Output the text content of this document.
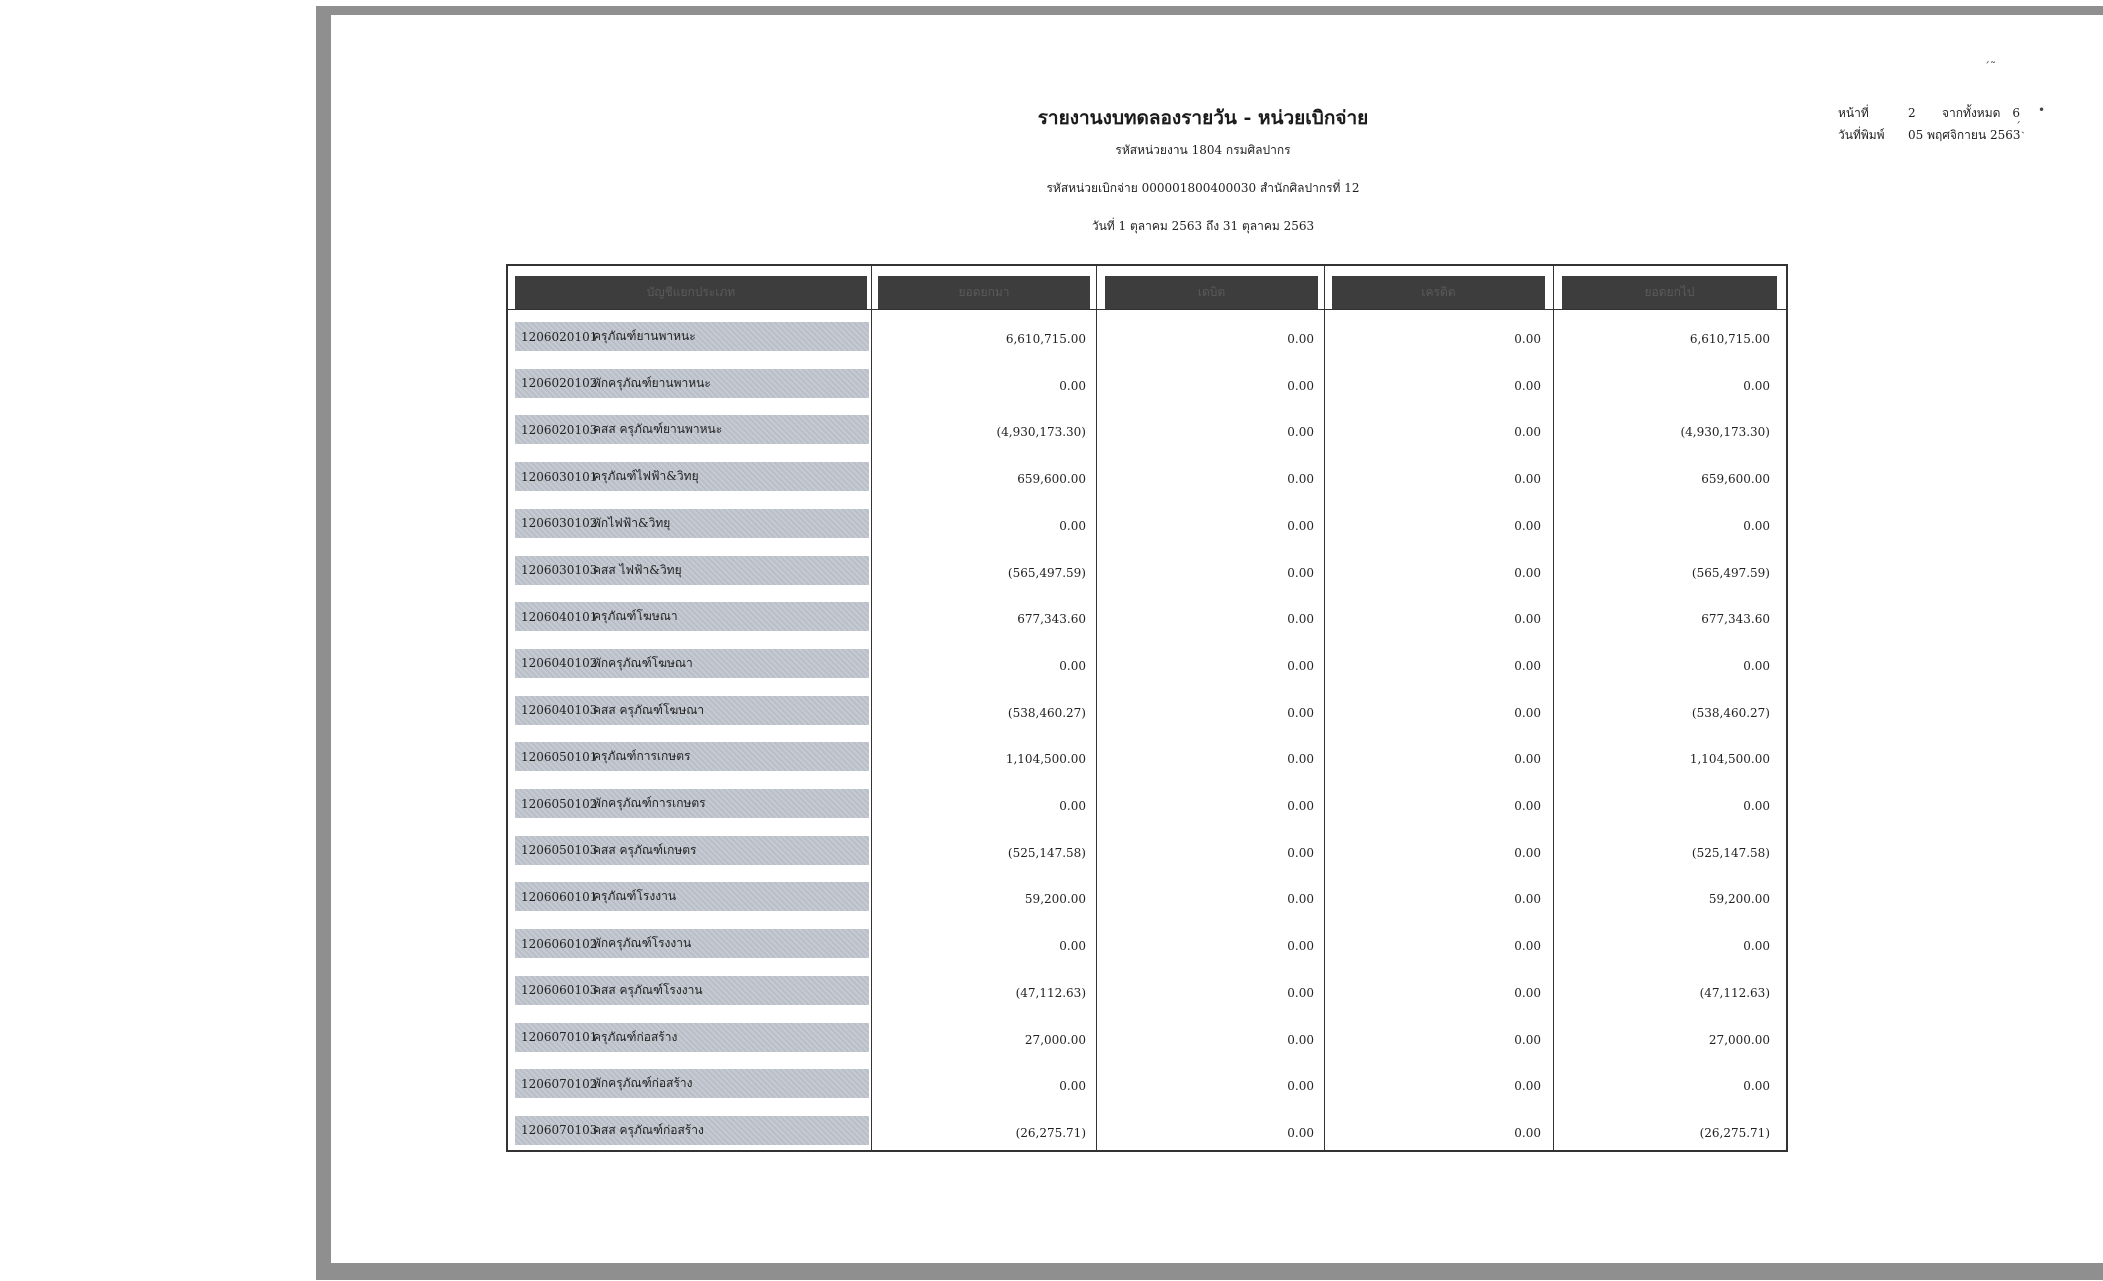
รายงานงบทดลองรายวัน - หน่วยเบิกจ่าย
รหัสหน่วยงาน 1804 กรมศิลปากร
รหัสหน่วยเบิกจ่าย 000001800400030 สำนักศิลปากรที่ 12
วันที่ 1 ตุลาคม 2563 ถึง 31 ตุลาคม 2563
หน้าที่	2	จากทั้งหมด 6
วันที่พิมพ์	05 พฤศจิกายน 2563
ˊ˜
•
ˊˏ
บัญชีแยกประเภท	ยอดยกมา	เดบิต	เครดิต	ยอดยกไป
1206020101
ครุภัณฑ์ยานพาหนะ	6,610,715.00	0.00	0.00	6,610,715.00
1206020102
พักครุภัณฑ์ยานพาหนะ	0.00	0.00	0.00	0.00
1206020103
คสส ครุภัณฑ์ยานพาหนะ	(4,930,173.30)	0.00	0.00	(4,930,173.30)
1206030101
ครุภัณฑ์ไฟฟ้า&วิทยุ	659,600.00	0.00	0.00	659,600.00
1206030102
พักไฟฟ้า&วิทยุ	0.00	0.00	0.00	0.00
1206030103
คสส ไฟฟ้า&วิทยุ	(565,497.59)	0.00	0.00	(565,497.59)
1206040101
ครุภัณฑ์โฆษณา	677,343.60	0.00	0.00	677,343.60
1206040102
พักครุภัณฑ์โฆษณา	0.00	0.00	0.00	0.00
1206040103
คสส ครุภัณฑ์โฆษณา	(538,460.27)	0.00	0.00	(538,460.27)
1206050101
ครุภัณฑ์การเกษตร	1,104,500.00	0.00	0.00	1,104,500.00
1206050102
พักครุภัณฑ์การเกษตร	0.00	0.00	0.00	0.00
1206050103
คสส ครุภัณฑ์เกษตร	(525,147.58)	0.00	0.00	(525,147.58)
1206060101
ครุภัณฑ์โรงงาน	59,200.00	0.00	0.00	59,200.00
1206060102
พักครุภัณฑ์โรงงาน	0.00	0.00	0.00	0.00
1206060103
คสส ครุภัณฑ์โรงงาน	(47,112.63)	0.00	0.00	(47,112.63)
1206070101
ครุภัณฑ์ก่อสร้าง	27,000.00	0.00	0.00	27,000.00
1206070102
พักครุภัณฑ์ก่อสร้าง	0.00	0.00	0.00	0.00
1206070103
คสส ครุภัณฑ์ก่อสร้าง	(26,275.71)	0.00	0.00	(26,275.71)
